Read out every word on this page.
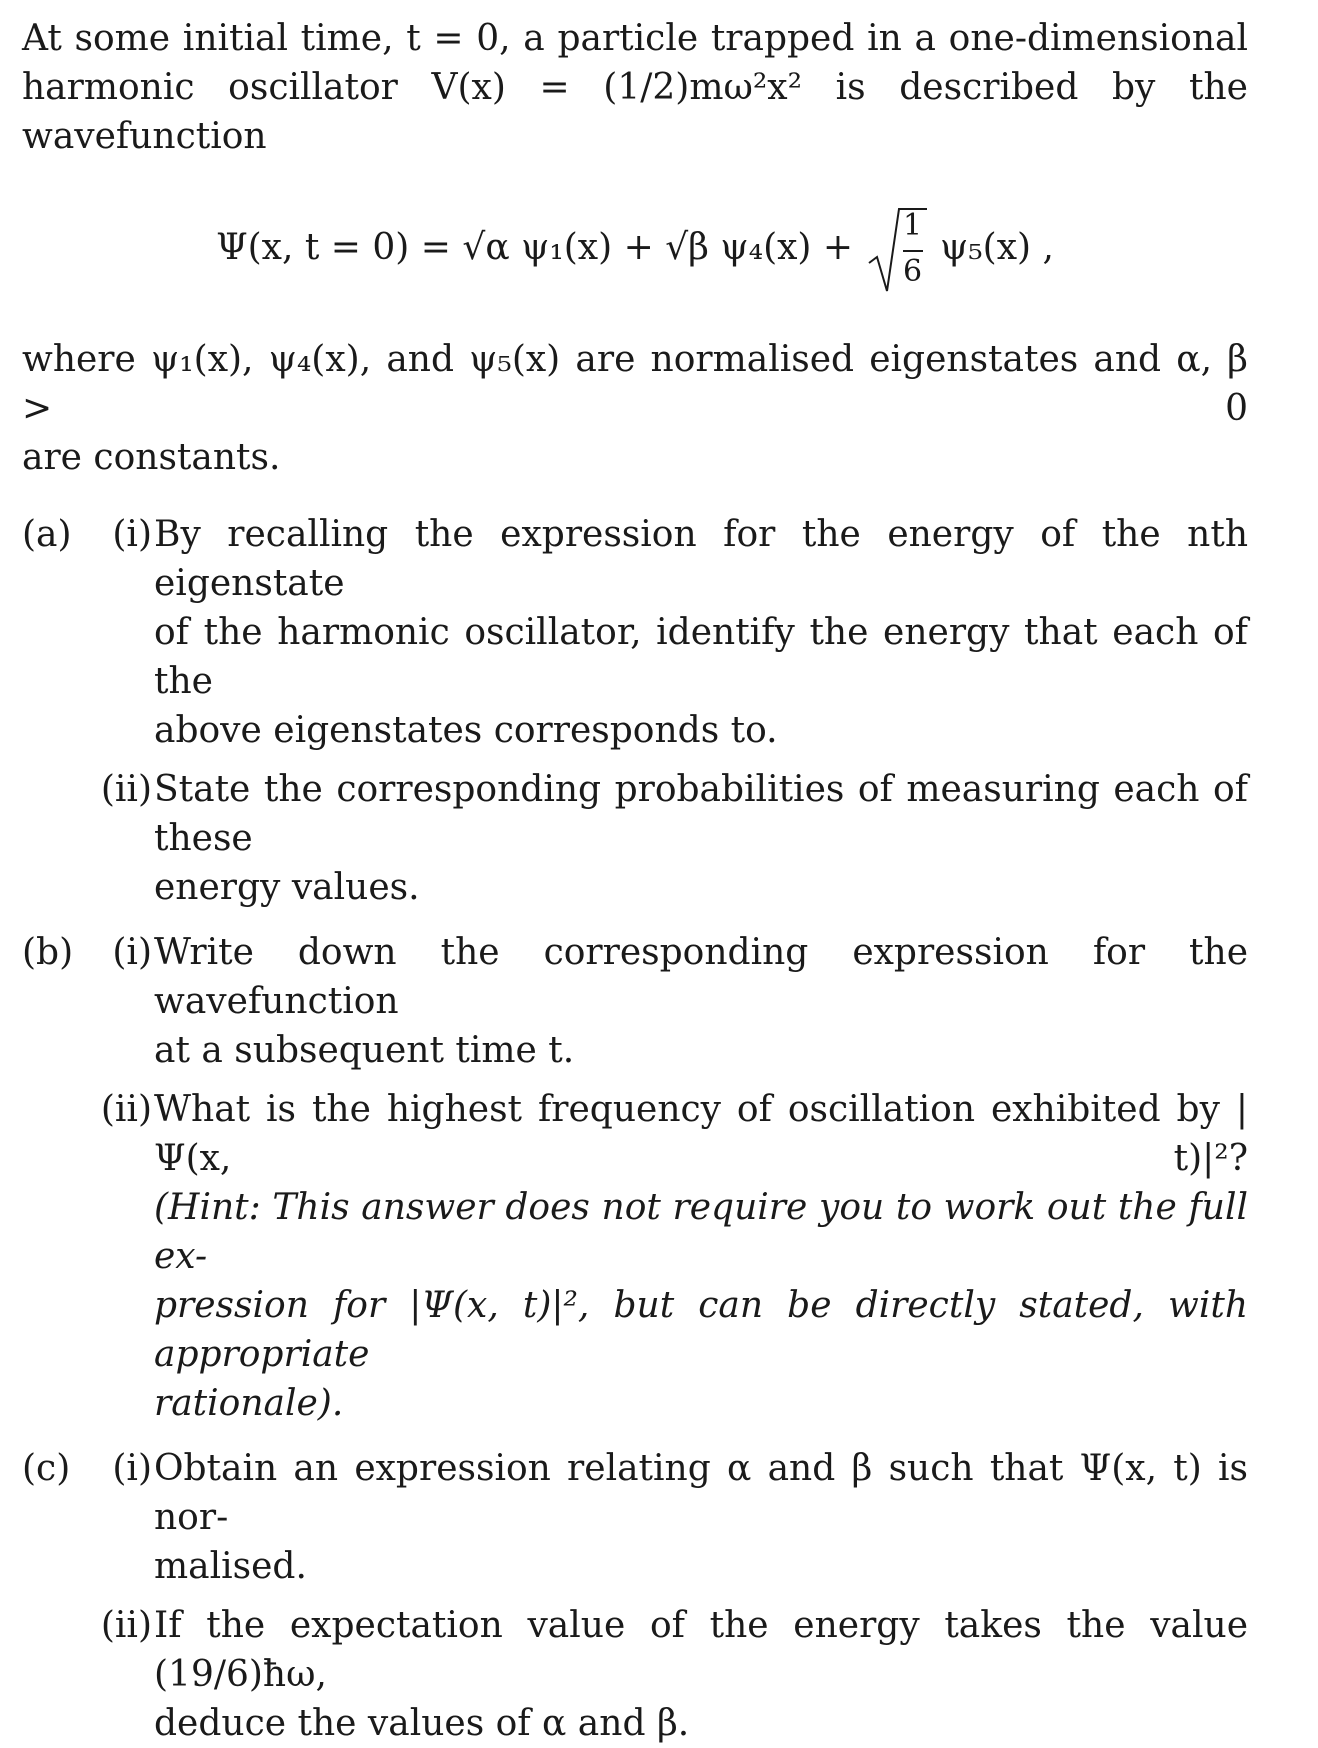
At some initial time, t = 0, a particle trapped in a one-dimensional

harmonic oscillator V(x) = (1/2)mω²x² is described by the wavefunction

Ψ(x, t = 0) = √α ψ₁(x) + √β ψ₄(x) +
1
6
ψ₅(x) ,

where ψ₁(x), ψ₄(x), and ψ₅(x) are normalised eigenstates and α, β > 0

are constants.

(a)	(i) By recalling the expression for the energy of the nth eigenstate
of the harmonic oscillator, identify the energy that each of the
above eigenstates corresponds to.
(ii) State the corresponding probabilities of measuring each of these
energy values.
(b)	(i) Write down the corresponding expression for the wavefunction
at a subsequent time t.
(ii) What is the highest frequency of oscillation exhibited by |Ψ(x, t)|²?
(Hint: This answer does not require you to work out the full ex-
pression for |Ψ(x, t)|², but can be directly stated, with appropriate
rationale).
(c)	(i) Obtain an expression relating α and β such that Ψ(x, t) is nor-
malised.
(ii) If the expectation value of the energy takes the value (19/6)ħω,
deduce the values of α and β.
